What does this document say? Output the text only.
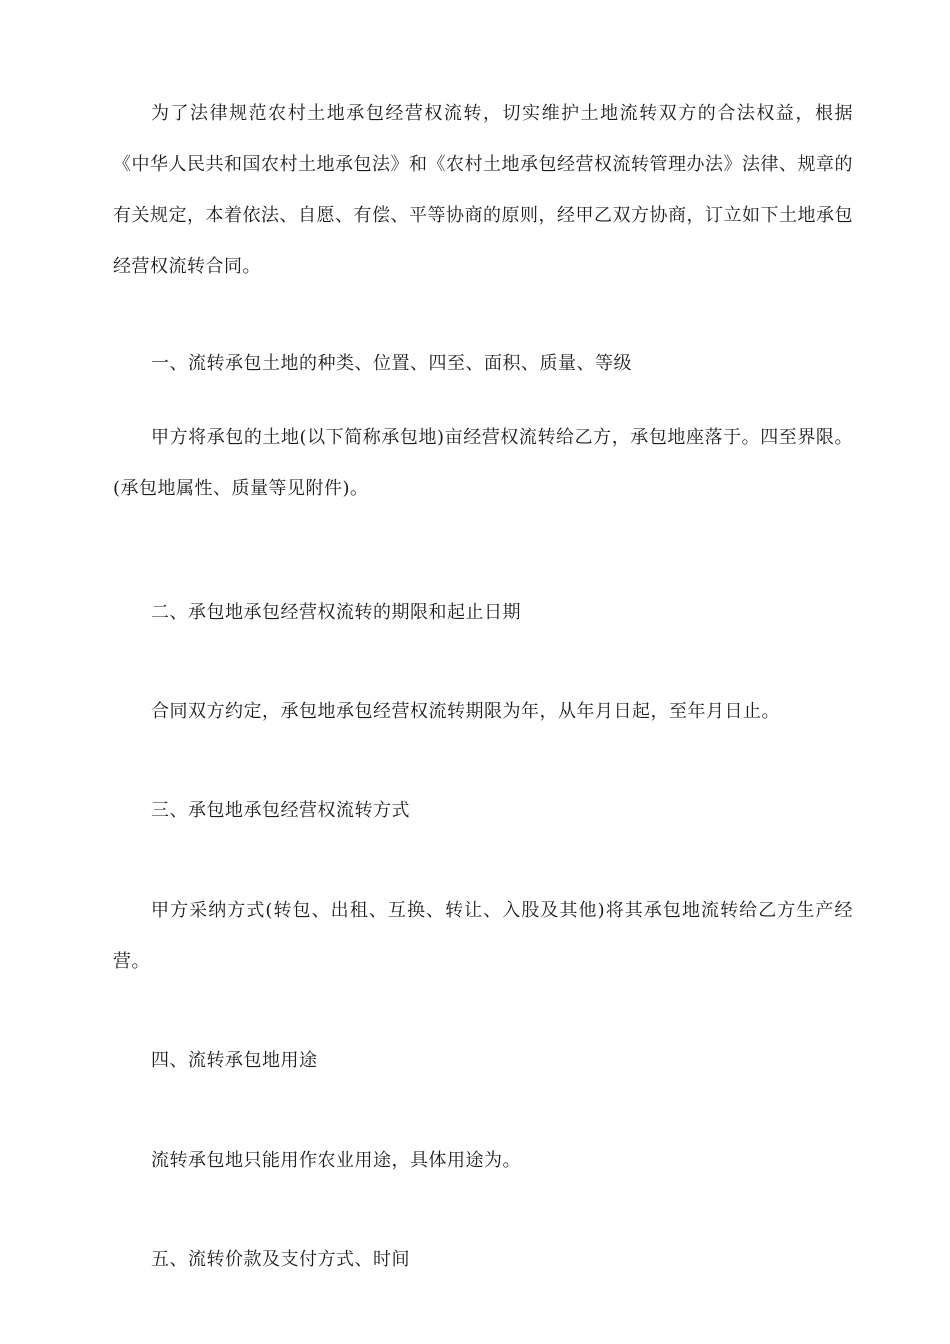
为了法律规范农村土地承包经营权流转，切实维护土地流转双方的合法权益，根据《中华人民共和国农村土地承包法》和《农村土地承包经营权流转管理办法》法律、规章的有关规定，本着依法、自愿、有偿、平等协商的原则，经甲乙双方协商，订立如下土地承包经营权流转合同。

一、流转承包土地的种类、位置、四至、面积、质量、等级

甲方将承包的土地(以下简称承包地)亩经营权流转给乙方，承包地座落于。四至界限。(承包地属性、质量等见附件)。

二、承包地承包经营权流转的期限和起止日期

合同双方约定，承包地承包经营权流转期限为年，从年月日起，至年月日止。

三、承包地承包经营权流转方式

甲方采纳方式(转包、出租、互换、转让、入股及其他)将其承包地流转给乙方生产经营。

四、流转承包地用途

流转承包地只能用作农业用途，具体用途为。

五、流转价款及支付方式、时间
